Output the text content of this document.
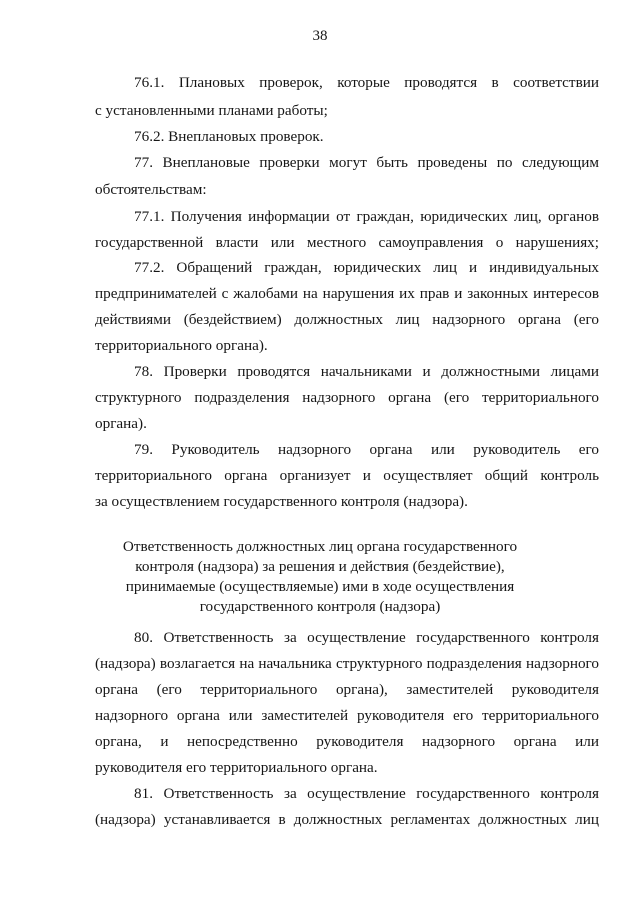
38
76.1. Плановых проверок, которые проводятся в соответствии
с установленными планами работы;
76.2. Внеплановых проверок.
77. Внеплановые проверки могут быть проведены по следующим
обстоятельствам:
77.1. Получения информации от граждан, юридических лиц, органов
государственной власти или местного самоуправления о нарушениях;
77.2. Обращений граждан, юридических лиц и индивидуальных
предпринимателей с жалобами на нарушения их прав и законных интересов
действиями (бездействием) должностных лиц надзорного органа (его
территориального органа).
78. Проверки проводятся начальниками и должностными лицами
структурного подразделения надзорного органа (его территориального
органа).
79. Руководитель надзорного органа или руководитель его
территориального органа организует и осуществляет общий контроль
за осуществлением государственного контроля (надзора).
Ответственность должностных лиц органа государственного
контроля (надзора) за решения и действия (бездействие),
принимаемые (осуществляемые) ими в ходе осуществления
государственного контроля (надзора)
80. Ответственность за осуществление государственного контроля
(надзора) возлагается на начальника структурного подразделения надзорного
органа (его территориального органа), заместителей руководителя
надзорного органа или заместителей руководителя его территориального
органа, и непосредственно руководителя надзорного органа или
руководителя его территориального органа.
81. Ответственность за осуществление государственного контроля
(надзора) устанавливается в должностных регламентах должностных лиц
